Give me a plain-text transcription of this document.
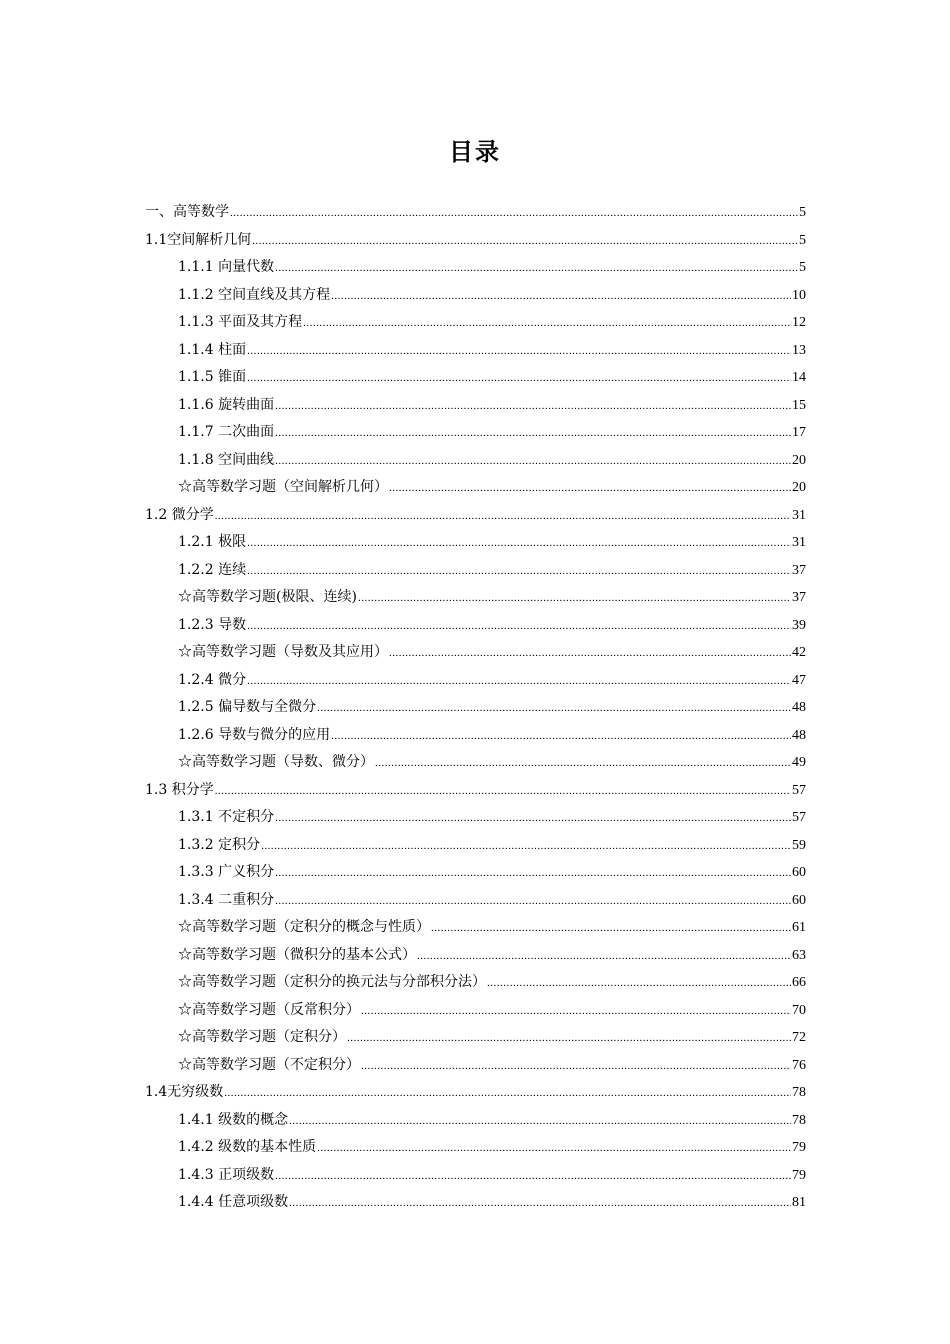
目录
一、高等数学 .....	5
1.1空间解析几何 .....	5
1.1.1 向量代数 .....	5
1.1.2 空间直线及其方程 .....	10
1.1.3 平面及其方程 .....	12
1.1.4 柱面 .....	13
1.1.5 锥面 .....	14
1.1.6 旋转曲面 .....	15
1.1.7 二次曲面 .....	17
1.1.8 空间曲线 .....	20
☆高等数学习题（空间解析几何） .....	20
1.2 微分学 .....	31
1.2.1 极限 .....	31
1.2.2 连续 .....	37
☆高等数学习题(极限、连续) .....	37
1.2.3 导数 .....	39
☆高等数学习题（导数及其应用） .....	42
1.2.4 微分 .....	47
1.2.5 偏导数与全微分 .....	48
1.2.6 导数与微分的应用 .....	48
☆高等数学习题（导数、微分） .....	49
1.3 积分学 .....	57
1.3.1 不定积分 .....	57
1.3.2 定积分 .....	59
1.3.3 广义积分 .....	60
1.3.4 二重积分 .....	60
☆高等数学习题（定积分的概念与性质） .....	61
☆高等数学习题（微积分的基本公式） .....	63
☆高等数学习题（定积分的换元法与分部积分法） .....	66
☆高等数学习题（反常积分） .....	70
☆高等数学习题（定积分） .....	72
☆高等数学习题（不定积分） .....	76
1.4无穷级数 .....	78
1.4.1 级数的概念 .....	78
1.4.2 级数的基本性质 .....	79
1.4.3 正项级数 .....	79
1.4.4 任意项级数 .....	81
